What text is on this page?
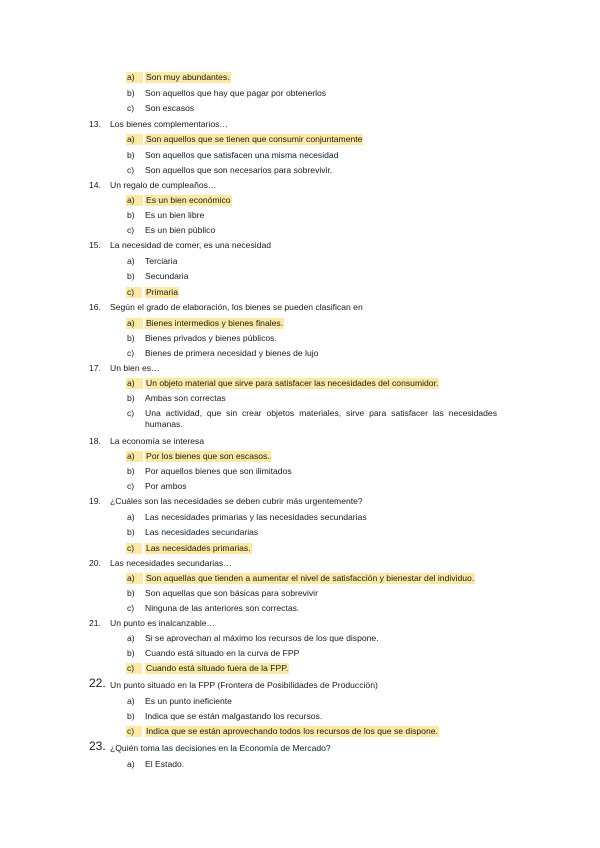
a)	Son muy abundantes.
b) Son aquellos que hay que pagar por obtenerlos
c) Son escasos
13.	Los bienes complementarios…
a)	Son aquellos que se tienen que consumir conjuntamente
b) Son aquellos que satisfacen una misma necesidad
c) Son aquellos que son necesarios para sobrevivir.
14.	Un regalo de cumpleaños…
a)	Es un bien económico
b) Es un bien libre
c) Es un bien público
15.	La necesidad de comer, es una necesidad
a) Terciaria
b) Secundaria
c)	Primaria
16.	Según el grado de elaboración, los bienes se pueden clasifican en
a)	Bienes intermedios y bienes finales.
b) Bienes privados y bienes públicos.
c) Bienes de primera necesidad y bienes de lujo
17.	Un bien es…
a)	Un objeto material que sirve para satisfacer las necesidades del consumidor.
b) Ambas son correctas
c) Una actividad, que sin crear objetos materiales, sirve para satisfacer las necesidades humanas.
18.	La economía se interesa
a)	Por los bienes que son escasos.
b) Por aquellos bienes que son ilimitados
c) Por ambos
19.	¿Cuáles son las necesidades se deben cubrir más urgentemente?
a) Las necesidades primarias y las necesidades secundarias
b) Las necesidades secundarias
c)	Las necesidades primarias.
20.	Las necesidades secundarias…
a)	Son aquellas que tienden a aumentar el nivel de satisfacción y bienestar del individuo.
b) Son aquellas que son básicas para sobrevivir
c) Ninguna de las anteriores son correctas.
21.	Un punto es inalcanzable…
a) Si se aprovechan al máximo los recursos de los que dispone.
b) Cuando está situado en la curva de FPP
c)	Cuando está situado fuera de la FPP.
22. Un punto situado en la FPP (Frontera de Posibilidades de Producción)
a) Es un punto ineficiente
b) Indica que se están malgastando los recursos.
c)	Indica que se están aprovechando todos los recursos de los que se dispone.
23. ¿Quién toma las decisiones en la Economía de Mercado?
a) El Estado.
